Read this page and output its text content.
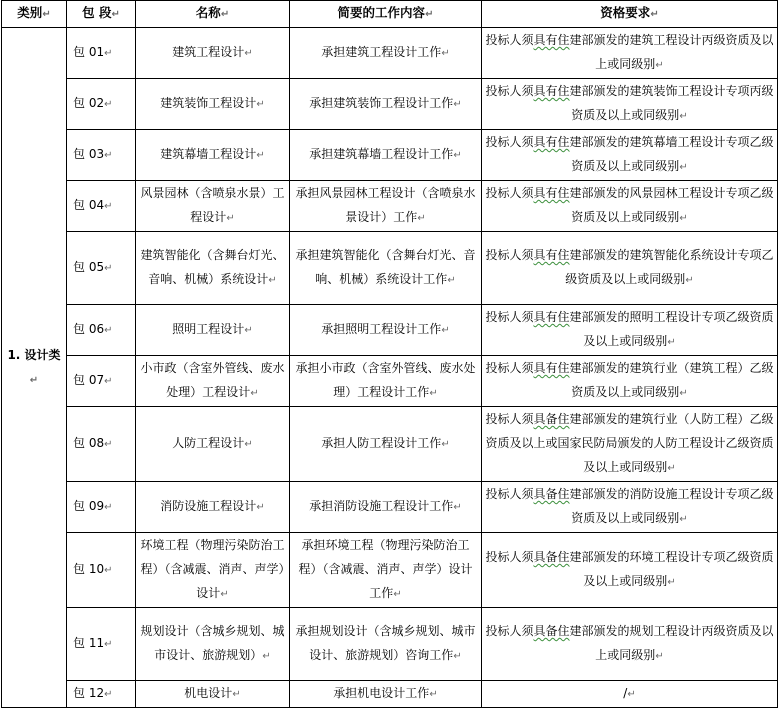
类别↵	包 段↵	名称↵	简要的工作内容↵	资格要求↵
1. 设计类↵	包 01↵	建筑工程设计↵	承担建筑工程设计工作↵	投标人须具有住建部颁发的建筑工程设计丙级资质及以上或同级别↵
	包 02↵	建筑装饰工程设计↵	承担建筑装饰工程设计工作↵	投标人须具有住建部颁发的建筑装饰工程设计专项丙级资质及以上或同级别↵
	包 03↵	建筑幕墙工程设计↵	承担建筑幕墙工程设计工作↵	投标人须具有住建部颁发的建筑幕墙工程设计专项乙级资质及以上或同级别↵
	包 04↵	风景园林（含喷泉水景）工程设计↵	承担风景园林工程设计（含喷泉水景设计）工作↵	投标人须具有住建部颁发的风景园林工程设计专项乙级资质及以上或同级别↵
	包 05↵	建筑智能化（含舞台灯光、音响、机械）系统设计↵	承担建筑智能化（含舞台灯光、音响、机械）系统设计工作↵	投标人须具有住建部颁发的建筑智能化系统设计专项乙级资质及以上或同级别↵
	包 06↵	照明工程设计↵	承担照明工程设计工作↵	投标人须具有住建部颁发的照明工程设计专项乙级资质及以上或同级别↵
	包 07↵	小市政（含室外管线、废水处理）工程设计↵	承担小市政（含室外管线、废水处理）工程设计工作↵	投标人须具有住建部颁发的建筑行业（建筑工程）乙级资质及以上或同级别↵
	包 08↵	人防工程设计↵	承担人防工程设计工作↵	投标人须具备住建部颁发的建筑行业（人防工程）乙级资质及以上或国家民防局颁发的人防工程设计乙级资质及以上或同级别↵
	包 09↵	消防设施工程设计↵	承担消防设施工程设计工作↵	投标人须具备住建部颁发的消防设施工程设计专项乙级资质及以上或同级别↵
	包 10↵	环境工程（物理污染防治工程）（含减震、消声、声学）设计↵	承担环境工程（物理污染防治工程）（含减震、消声、声学）设计工作↵	投标人须具备住建部颁发的环境工程设计专项乙级资质及以上或同级别↵
	包 11↵	规划设计（含城乡规划、城市设计、旅游规划）↵	承担规划设计（含城乡规划、城市设计、旅游规划）咨询工作↵	投标人须具备住建部颁发的规划工程设计丙级资质及以上或同级别↵
	包 12↵	机电设计↵	承担机电设计工作↵	/↵
